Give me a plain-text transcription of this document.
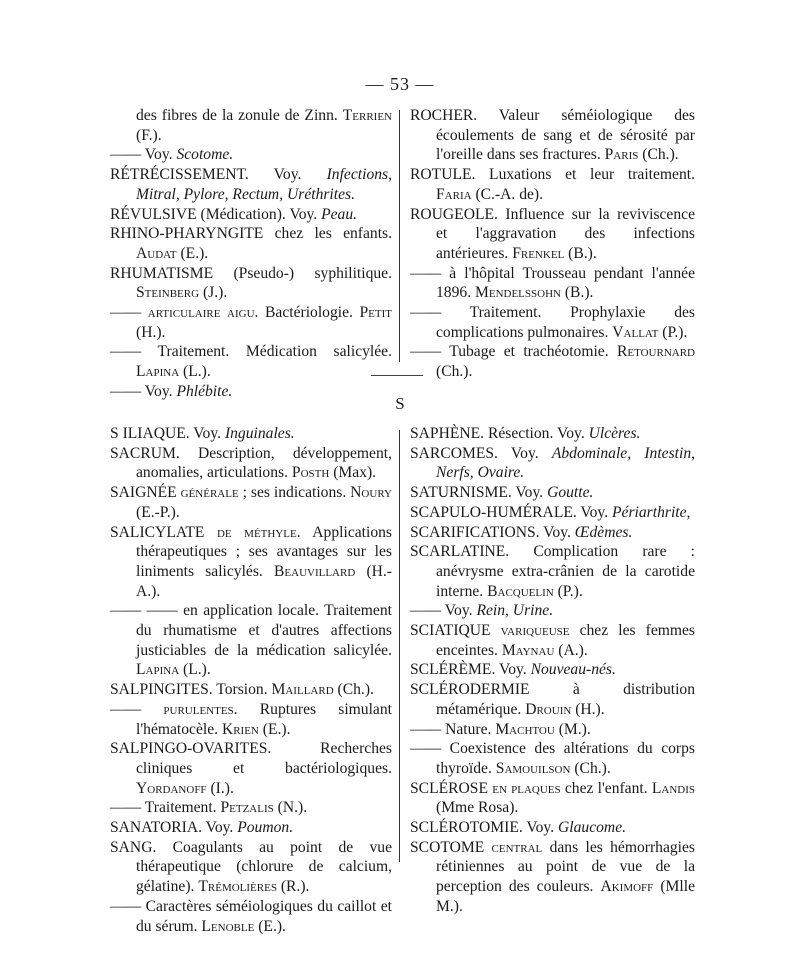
— 53 —

des fibres de la zonule de Zinn. Terrien (F.).

—— Voy. Scotome.

RÉTRÉCISSEMENT. Voy. Infections, Mitral, Pylore, Rectum, Uréthrites.

RÉVULSIVE (Médication). Voy. Peau.

RHINO-PHARYNGITE chez les enfants. Audat (E.).

RHUMATISME (Pseudo-) syphilitique. Steinberg (J.).

—— articulaire aigu. Bactériologie. Petit (H.).

—— Traitement. Médication salicylée. Lapina (L.).

—— Voy. Phlébite.

ROCHER. Valeur séméiologique des écoulements de sang et de sérosité par l'oreille dans ses fractures. Paris (Ch.).

ROTULE. Luxations et leur traitement. Faria (C.-A. de).

ROUGEOLE. Influence sur la reviviscence et l'aggravation des infections antérieures. Frenkel (B.).

—— à l'hôpital Trousseau pendant l'année 1896. Mendelssohn (B.).

—— Traitement. Prophylaxie des complications pulmonaires. Vallat (P.).

—— Tubage et trachéotomie. Retournard (Ch.).

S

S ILIAQUE. Voy. Inguinales.

SACRUM. Description, développement, anomalies, articulations. Posth (Max).

SAIGNÉE générale ; ses indications. Noury (E.-P.).

SALICYLATE de méthyle. Applications thérapeutiques ; ses avantages sur les liniments salicylés. Beauvillard (H.-A.).

—— —— en application locale. Traitement du rhumatisme et d'autres affections justiciables de la médication salicylée. Lapina (L.).

SALPINGITES. Torsion. Maillard (Ch.).

—— purulentes. Ruptures simulant l'hématocèle. Krien (E.).

SALPINGO-OVARITES. Recherches cliniques et bactériologiques. Yordanoff (I.).

—— Traitement. Petzalis (N.).

SANATORIA. Voy. Poumon.

SANG. Coagulants au point de vue thérapeutique (chlorure de calcium, gélatine). Trémolières (R.).

—— Caractères séméiologiques du caillot et du sérum. Lenoble (E.).

SAPHÈNE. Résection. Voy. Ulcères.

SARCOMES. Voy. Abdominale, Intestin, Nerfs, Ovaire.

SATURNISME. Voy. Goutte.

SCAPULO-HUMÉRALE. Voy. Périarthrite,

SCARIFICATIONS. Voy. Œdèmes.

SCARLATINE. Complication rare : anévrysme extra-crânien de la carotide interne. Bacquelin (P.).

—— Voy. Rein, Urine.

SCIATIQUE variqueuse chez les femmes enceintes. Maynau (A.).

SCLÉRÈME. Voy. Nouveau-nés.

SCLÉRODERMIE à distribution métamérique. Drouin (H.).

—— Nature. Machtou (M.).

—— Coexistence des altérations du corps thyroïde. Samouilson (Ch.).

SCLÉROSE en plaques chez l'enfant. Landis (Mme Rosa).

SCLÉROTOMIE. Voy. Glaucome.

SCOTOME central dans les hémorrhagies rétiniennes au point de vue de la perception des couleurs. Akimoff (Mlle M.).
